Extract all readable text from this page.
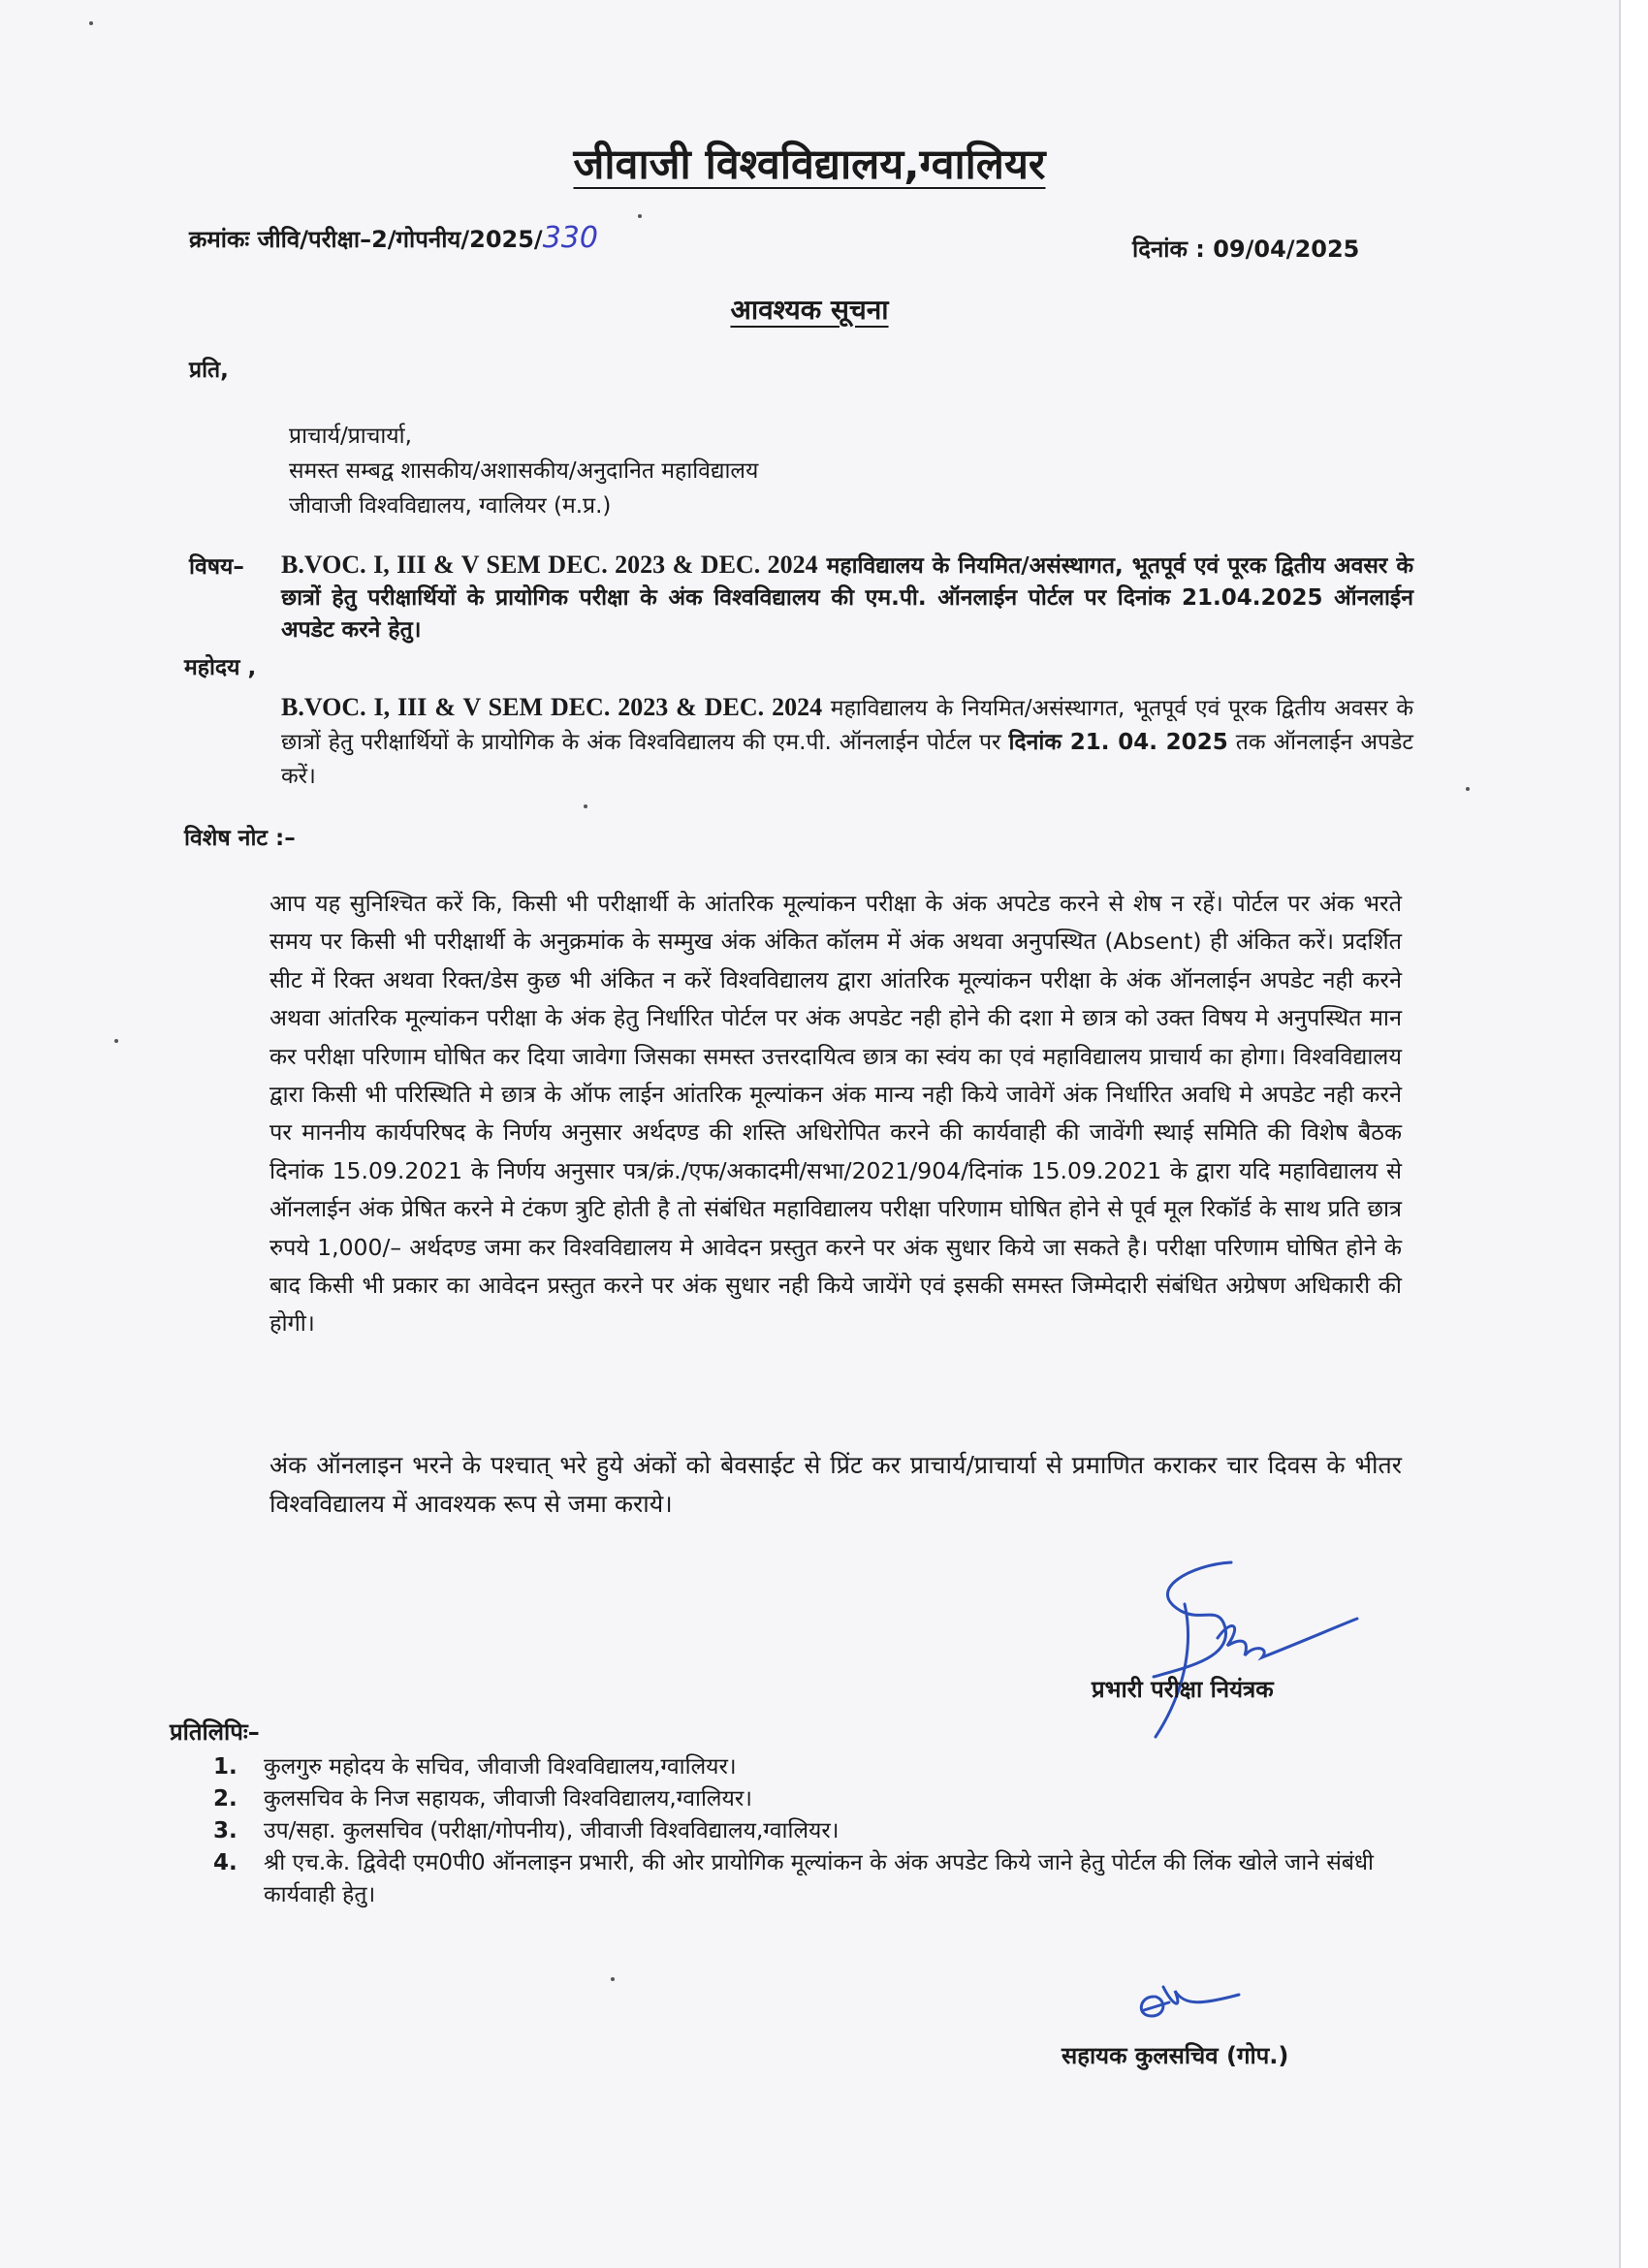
जीवाजी विश्वविद्यालय,ग्वालियर
क्रमांकः जीवि/परीक्षा–2/गोपनीय/2025/330	दिनांक : 09/04/2025
आवश्यक सूचना
प्रति,
प्राचार्य/प्राचार्या,
समस्त सम्बद्व शासकीय/अशासकीय/अनुदानित महाविद्यालय
जीवाजी विश्वविद्यालय, ग्वालियर (म.प्र.)
विषय– B.VOC. I, III & V SEM DEC. 2023 & DEC. 2024 महाविद्यालय के नियमित/असंस्थागत, भूतपूर्व एवं पूरक द्वितीय अवसर के छात्रों हेतु परीक्षार्थियों के प्रायोगिक परीक्षा के अंक विश्वविद्यालय की एम.पी. ऑनलाईन पोर्टल पर दिनांक 21.04.2025 ऑनलाईन अपडेट करने हेतु।
महोदय ,
B.VOC. I, III & V SEM DEC. 2023 & DEC. 2024 महाविद्यालय के नियमित/असंस्थागत, भूतपूर्व एवं पूरक द्वितीय अवसर के छात्रों हेतु परीक्षार्थियों के प्रायोगिक के अंक विश्वविद्यालय की एम.पी. ऑनलाईन पोर्टल पर दिनांक 21. 04. 2025 तक ऑनलाईन अपडेट करें।
विशेष नोट :–
आप यह सुनिश्चित करें कि, किसी भी परीक्षार्थी के आंतरिक मूल्यांकन परीक्षा के अंक अपटेड करने से शेष न रहें। पोर्टल पर अंक भरते समय पर किसी भी परीक्षार्थी के अनुक्रमांक के सम्मुख अंक अंकित कॉलम में अंक अथवा अनुपस्थित (Absent) ही अंकित करें। प्रदर्शित सीट में रिक्त अथवा रिक्त/डेस कुछ भी अंकित न करें विश्वविद्यालय द्वारा आंतरिक मूल्यांकन परीक्षा के अंक ऑनलाईन अपडेट नही करने अथवा आंतरिक मूल्यांकन परीक्षा के अंक हेतु निर्धारित पोर्टल पर अंक अपडेट नही होने की दशा मे छात्र को उक्त विषय मे अनुपस्थित मान कर परीक्षा परिणाम घोषित कर दिया जावेगा जिसका समस्त उत्तरदायित्व छात्र का स्वंय का एवं महाविद्यालय प्राचार्य का होगा। विश्वविद्यालय द्वारा किसी भी परिस्थिति मे छात्र के ऑफ लाईन आंतरिक मूल्यांकन अंक मान्य नही किये जावेगें अंक निर्धारित अवधि मे अपडेट नही करने पर माननीय कार्यपरिषद के निर्णय अनुसार अर्थदण्ड की शस्ति अधिरोपित करने की कार्यवाही की जावेंगी स्थाई समिति की विशेष बैठक दिनांक 15.09.2021 के निर्णय अनुसार पत्र/क्रं./एफ/अकादमी/सभा/2021/904/दिनांक 15.09.2021 के द्वारा यदि महाविद्यालय से ऑनलाईन अंक प्रेषित करने मे टंकण त्रुटि होती है तो संबंधित महाविद्यालय परीक्षा परिणाम घोषित होने से पूर्व मूल रिकॉर्ड के साथ प्रति छात्र रुपये 1,000/– अर्थदण्ड जमा कर विश्वविद्यालय मे आवेदन प्रस्तुत करने पर अंक सुधार किये जा सकते है। परीक्षा परिणाम घोषित होने के बाद किसी भी प्रकार का आवेदन प्रस्तुत करने पर अंक सुधार नही किये जायेंगे एवं इसकी समस्त जिम्मेदारी संबंधित अग्रेषण अधिकारी की होगी।
अंक ऑनलाइन भरने के पश्चात् भरे हुये अंकों को बेवसाईट से प्रिंट कर प्राचार्य/प्राचार्या से प्रमाणित कराकर चार दिवस के भीतर विश्वविद्यालय में आवश्यक रूप से जमा कराये।
प्रभारी परीक्षा नियंत्रक
प्रतिलिपिः–
1.	कुलगुरु महोदय के सचिव, जीवाजी विश्वविद्यालय,ग्वालियर।
2.	कुलसचिव के निज सहायक, जीवाजी विश्वविद्यालय,ग्वालियर।
3.	उप/सहा. कुलसचिव (परीक्षा/गोपनीय), जीवाजी विश्वविद्यालय,ग्वालियर।
4.	श्री एच.के. द्विवेदी एम0पी0 ऑनलाइन प्रभारी, की ओर प्रायोगिक मूल्यांकन के अंक अपडेट किये जाने हेतु पोर्टल की लिंक खोले जाने संबंधी कार्यवाही हेतु।
सहायक कुलसचिव (गोप.)
